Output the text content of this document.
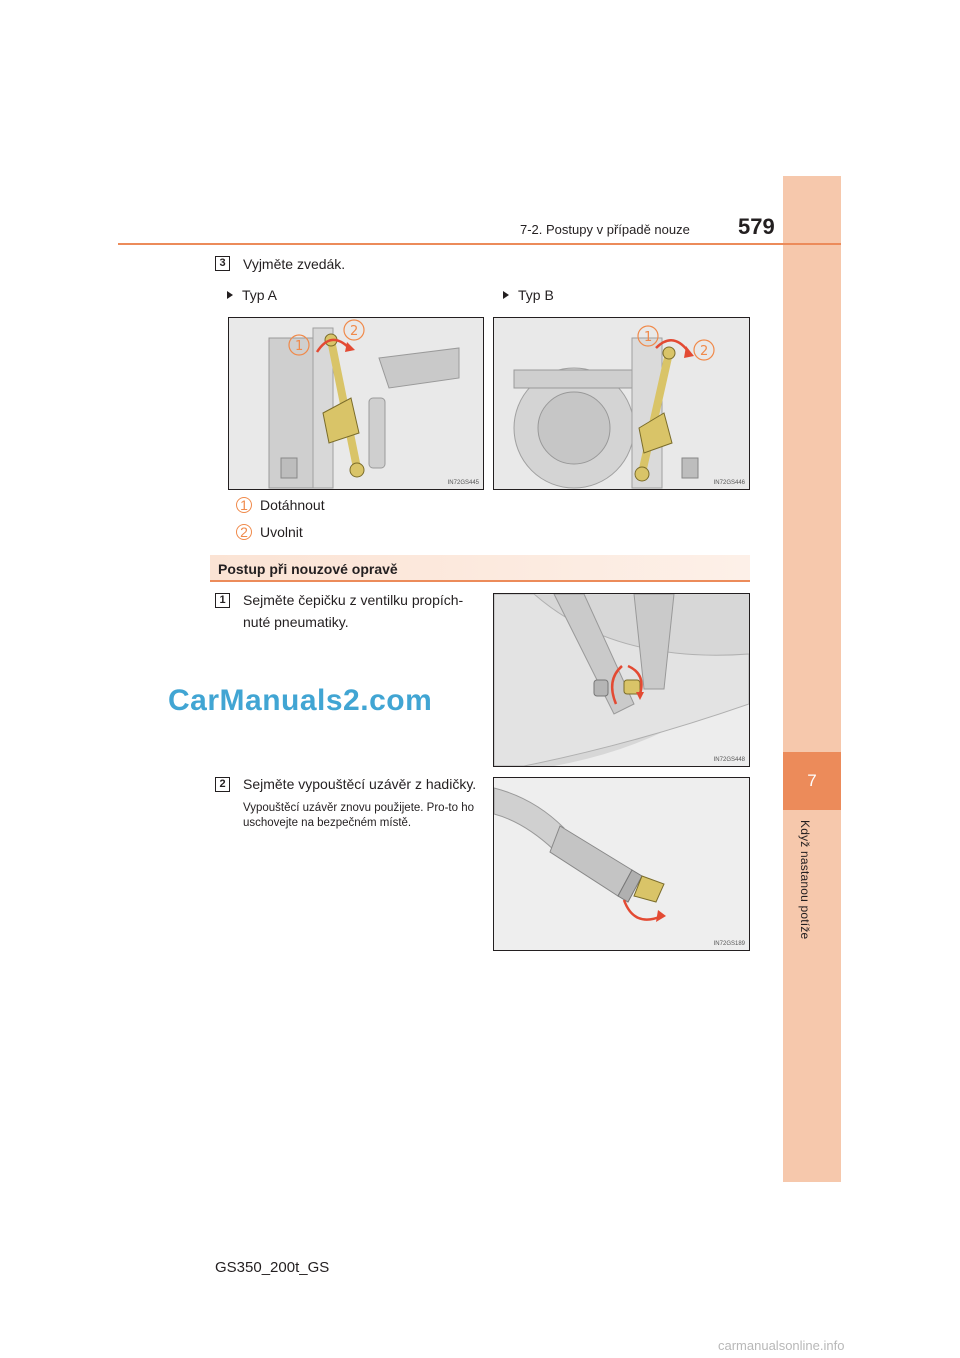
7
Když nastanou potíže
7-2. Postupy v případě nouze 579
3	Vyjměte zvedák.
Typ A	Typ B
1
2
IN72GS445
1
2
IN72GS446
1 Dotáhnout
2 Uvolnit
Postup při nouzové opravě
1	Sejměte čepičku z ventilku propích-nuté pneumatiky.
IN72GS448
CarManuals2.com
2	Sejměte vypouštěcí uzávěr z hadičky.
Vypouštěcí uzávěr znovu použijete. Pro-to ho uschovejte na bezpečném místě.
IN72GS189
GS350_200t_GS
carmanualsonline.info
